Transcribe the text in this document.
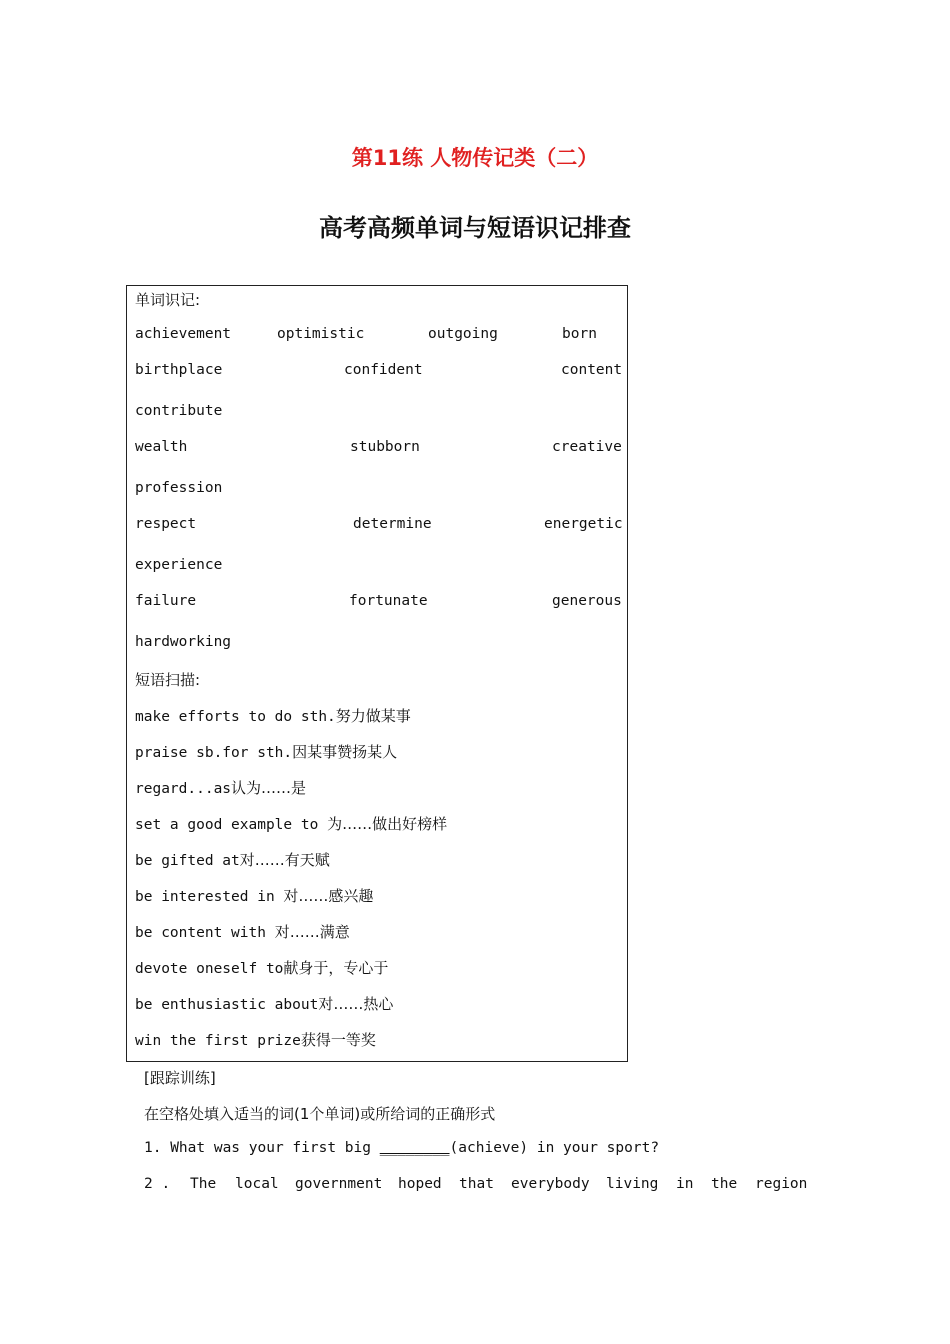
第11练 人物传记类（二）
高考高频单词与短语识记排查
单词识记:
achievement	optimistic	outgoing	born
birthplace	confident	content
contribute
wealth	stubborn	creative
profession
respect	determine	energetic
experience
failure	fortunate	generous
hardworking
短语扫描:
make efforts to do sth.努力做某事
praise sb.for sth.因某事赞扬某人
regard...as认为……是
set a good example to 为……做出好榜样
be gifted at对……有天赋
be interested in 对……感兴趣
be content with 对……满意
devote oneself to献身于，专心于
be enthusiastic about对……热心
win the first prize获得一等奖
[跟踪训练]
在空格处填入适当的词(1个单词)或所给词的正确形式
1. What was your first big ________(achieve) in your sport?
2 . The local government hoped that everybody living in the region
